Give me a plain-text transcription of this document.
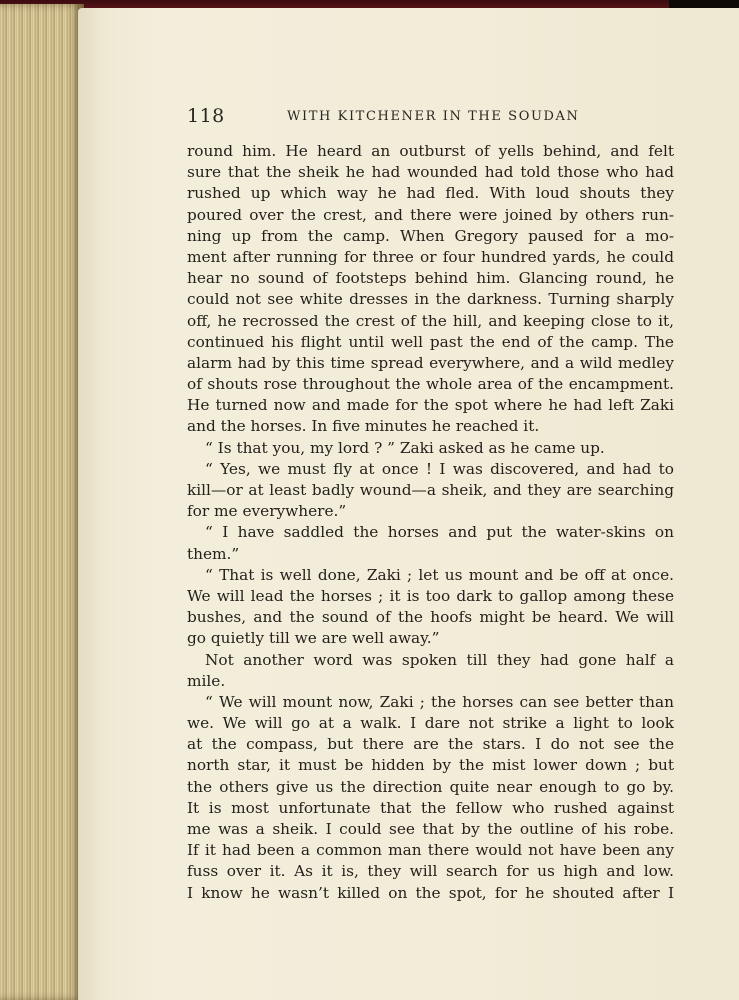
118	WITH KITCHENER IN THE SOUDAN
round him. He heard an outburst of yells behind, and felt
sure that the sheik he had wounded had told those who had
rushed up which way he had fled. With loud shouts they
poured over the crest, and there were joined by others run-
ning up from the camp. When Gregory paused for a mo-
ment after running for three or four hundred yards, he could
hear no sound of footsteps behind him. Glancing round, he
could not see white dresses in the darkness. Turning sharply
off, he recrossed the crest of the hill, and keeping close to it,
continued his flight until well past the end of the camp. The
alarm had by this time spread everywhere, and a wild medley
of shouts rose throughout the whole area of the encampment.
He turned now and made for the spot where he had left Zaki
and the horses. In five minutes he reached it.
“ Is that you, my lord ? ” Zaki asked as he came up.
“ Yes, we must fly at once ! I was discovered, and had to
kill—or at least badly wound—a sheik, and they are searching
for me everywhere.”
“ I have saddled the horses and put the water-skins on
them.”
“ That is well done, Zaki ; let us mount and be off at once.
We will lead the horses ; it is too dark to gallop among these
bushes, and the sound of the hoofs might be heard. We will
go quietly till we are well away.”
Not another word was spoken till they had gone half a
mile.
“ We will mount now, Zaki ; the horses can see better than
we. We will go at a walk. I dare not strike a light to look
at the compass, but there are the stars. I do not see the
north star, it must be hidden by the mist lower down ; but
the others give us the direction quite near enough to go by.
It is most unfortunate that the fellow who rushed against
me was a sheik. I could see that by the outline of his robe.
If it had been a common man there would not have been any
fuss over it. As it is, they will search for us high and low.
I know he wasn’t killed on the spot, for he shouted after I
